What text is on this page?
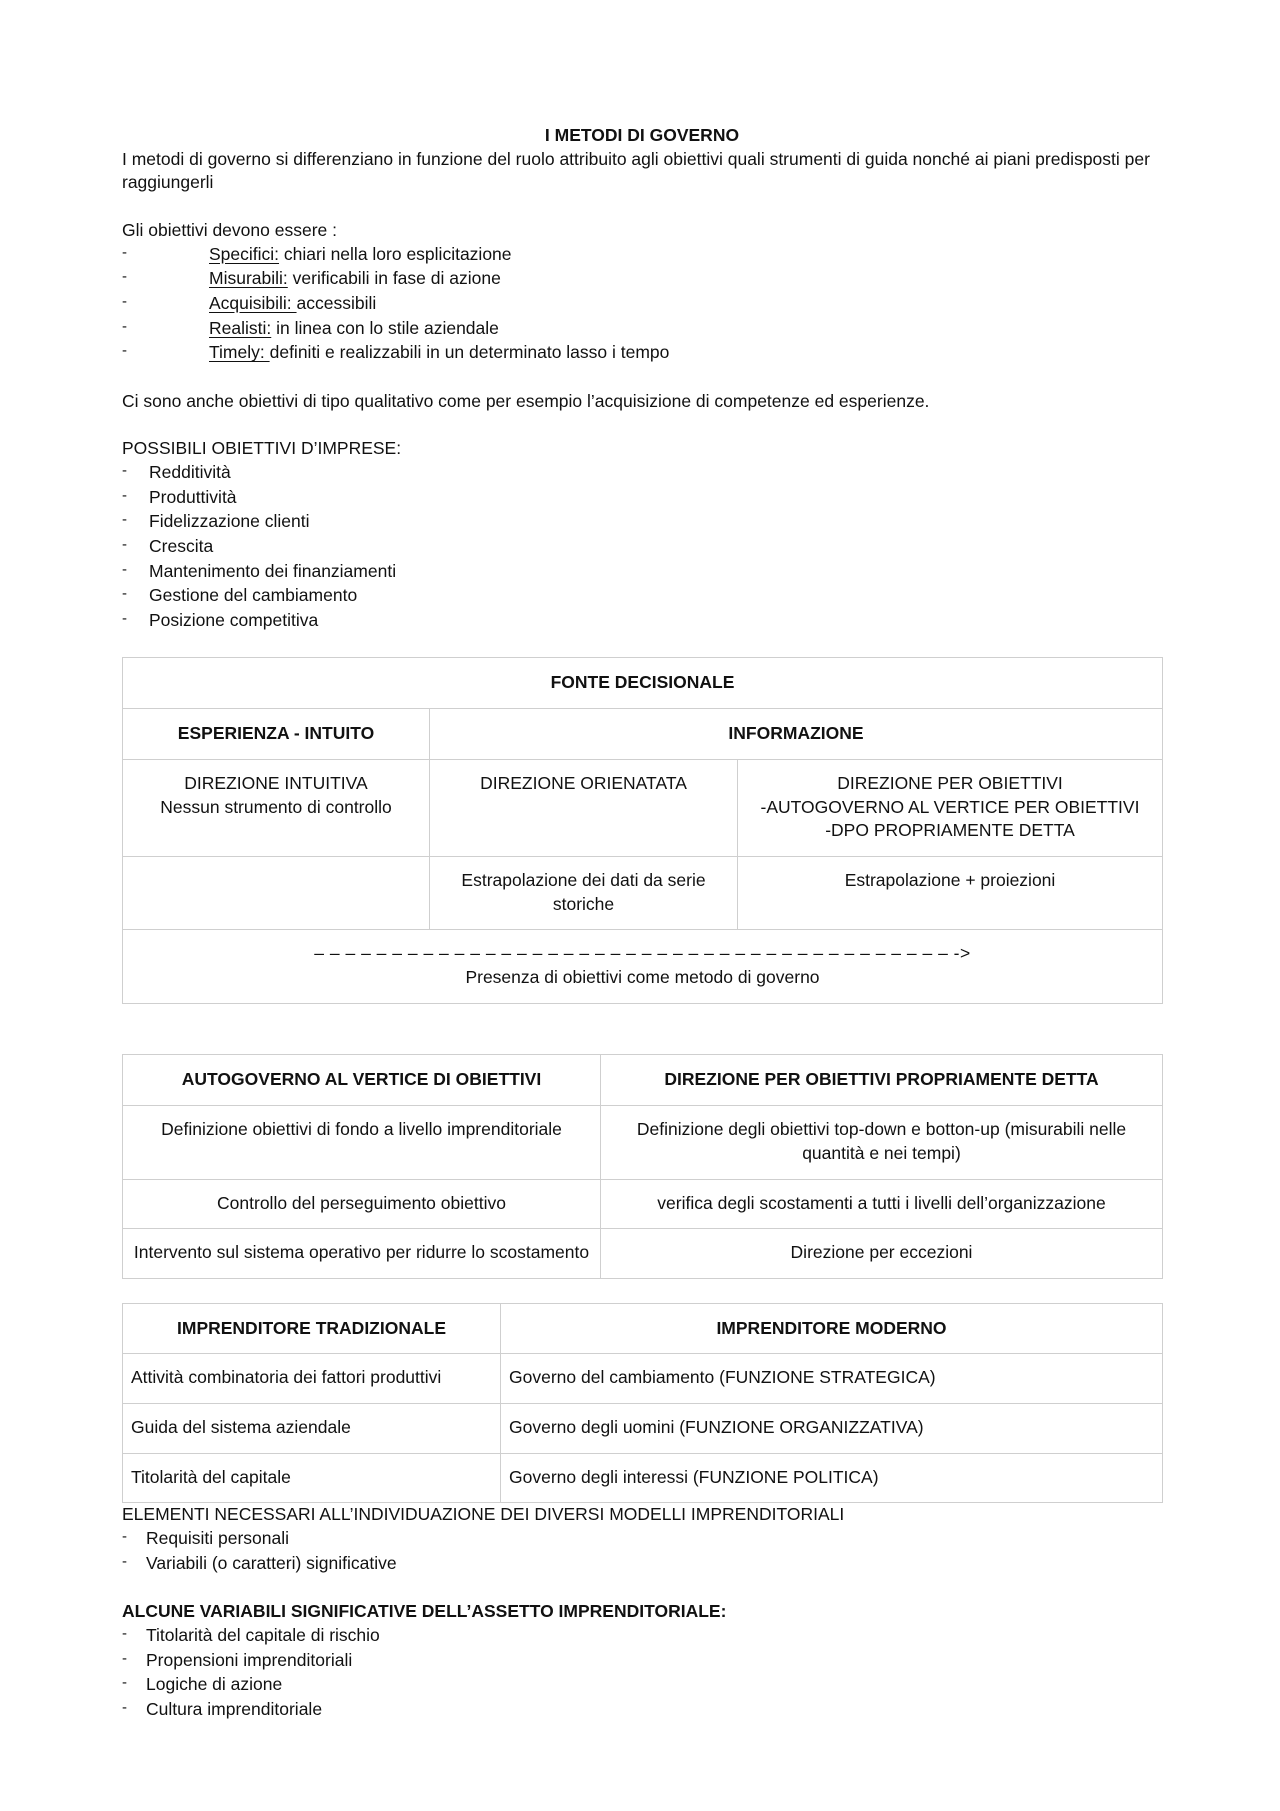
I METODI DI GOVERNO

I metodi di governo si differenziano in funzione del ruolo attribuito agli obiettivi quali strumenti di guida nonché ai piani predisposti per raggiungerli

Gli obiettivi devono essere :

-	Specifici: chiari nella loro esplicitazione
-	Misurabili: verificabili in fase di azione
-	Acquisibili: accessibili
-	Realisti: in linea con lo stile aziendale
-	Timely: definiti e realizzabili in un determinato lasso i tempo

Ci sono anche obiettivi di tipo qualitativo come per esempio l’acquisizione di competenze ed esperienze.

POSSIBILI OBIETTIVI D’IMPRESE:

-	Redditività
-	Produttività
-	Fidelizzazione clienti
-	Crescita
-	Mantenimento dei finanziamenti
-	Gestione del cambiamento
-	Posizione competitiva
FONTE DECISIONALE		
ESPERIENZA - INTUITO	INFORMAZIONE	
DIREZIONE INTUITIVA
Nessun strumento di controllo	DIREZIONE ORIENATATA	DIREZIONE PER OBIETTIVI
-AUTOGOVERNO AL VERTICE PER OBIETTIVI
-DPO PROPRIAMENTE DETTA
	Estrapolazione dei dati da serie storiche	Estrapolazione + proiezioni

– – – – – – – – – – – – – – – – – – – – – – – – – – – – – – – – – – – – – – – – – ->
Presenza di obiettivi come metodo di governo		
AUTOGOVERNO AL VERTICE DI OBIETTIVI	DIREZIONE PER OBIETTIVI PROPRIAMENTE DETTA
Definizione obiettivi di fondo a livello imprenditoriale	Definizione degli obiettivi top-down e botton-up (misurabili nelle quantità e nei tempi)
Controllo del perseguimento obiettivo	verifica degli scostamenti a tutti i livelli dell’organizzazione
Intervento sul sistema operativo per ridurre lo scostamento	Direzione per eccezioni
IMPRENDITORE TRADIZIONALE	IMPRENDITORE MODERNO
Attività combinatoria dei fattori produttivi	Governo del cambiamento (FUNZIONE STRATEGICA)
Guida del sistema aziendale	Governo degli uomini (FUNZIONE ORGANIZZATIVA)
Titolarità del capitale	Governo degli interessi (FUNZIONE POLITICA)

ELEMENTI NECESSARI ALL’INDIVIDUAZIONE DEI DIVERSI MODELLI IMPRENDITORIALI

-	Requisiti personali
-	Variabili (o caratteri) significative

ALCUNE VARIABILI SIGNIFICATIVE DELL’ASSETTO IMPRENDITORIALE:

-	Titolarità del capitale di rischio
-	Propensioni imprenditoriali
-	Logiche di azione
-	Cultura imprenditoriale
